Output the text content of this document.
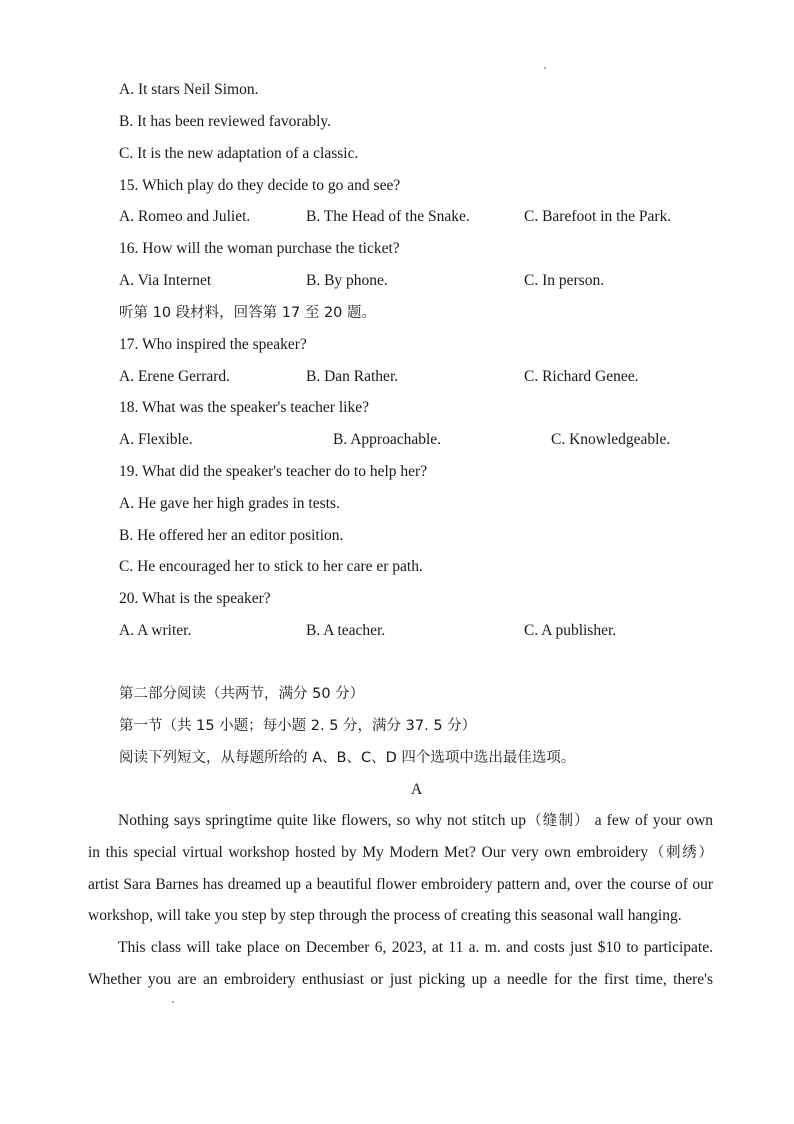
A. It stars Neil Simon.
B. It has been reviewed favorably.
C. It is the new adaptation of a classic.
15. Which play do they decide to go and see?
A. Romeo and Juliet.	B. The Head of the Snake.	C. Barefoot in the Park.
16. How will the woman purchase the ticket?
A. Via Internet	B. By phone.	C. In person.
听第 10 段材料，回答第 17 至 20 题。
17. Who inspired the speaker?
A. Erene Gerrard.	B. Dan Rather.	C. Richard Genee.
18. What was the speaker's teacher like?
A. Flexible.	B. Approachable.	C. Knowledgeable.
19. What did the speaker's teacher do to help her?
A. He gave her high grades in tests.
B. He offered her an editor position.
C. He encouraged her to stick to her care er path.
20. What is the speaker?
A. A writer.	B. A teacher.	C. A publisher.
第二部分阅读（共两节，满分 50 分）
第一节（共 15 小题；每小题 2. 5 分，满分 37. 5 分）
阅读下列短文，从每题所给的 A、B、C、D 四个选项中选出最佳选项。
A
Nothing says springtime quite like flowers, so why not stitch up（缝制） a few of your own
in this special virtual workshop hosted by My Modern Met? Our very own embroidery（刺绣）
artist Sara Barnes has dreamed up a beautiful flower embroidery pattern and, over the course of our
workshop, will take you step by step through the process of creating this seasonal wall hanging.
This class will take place on December 6, 2023, at 11 a. m. and costs just $10 to participate.
Whether you are an embroidery enthusiast or just picking up a needle for the first time, there's
